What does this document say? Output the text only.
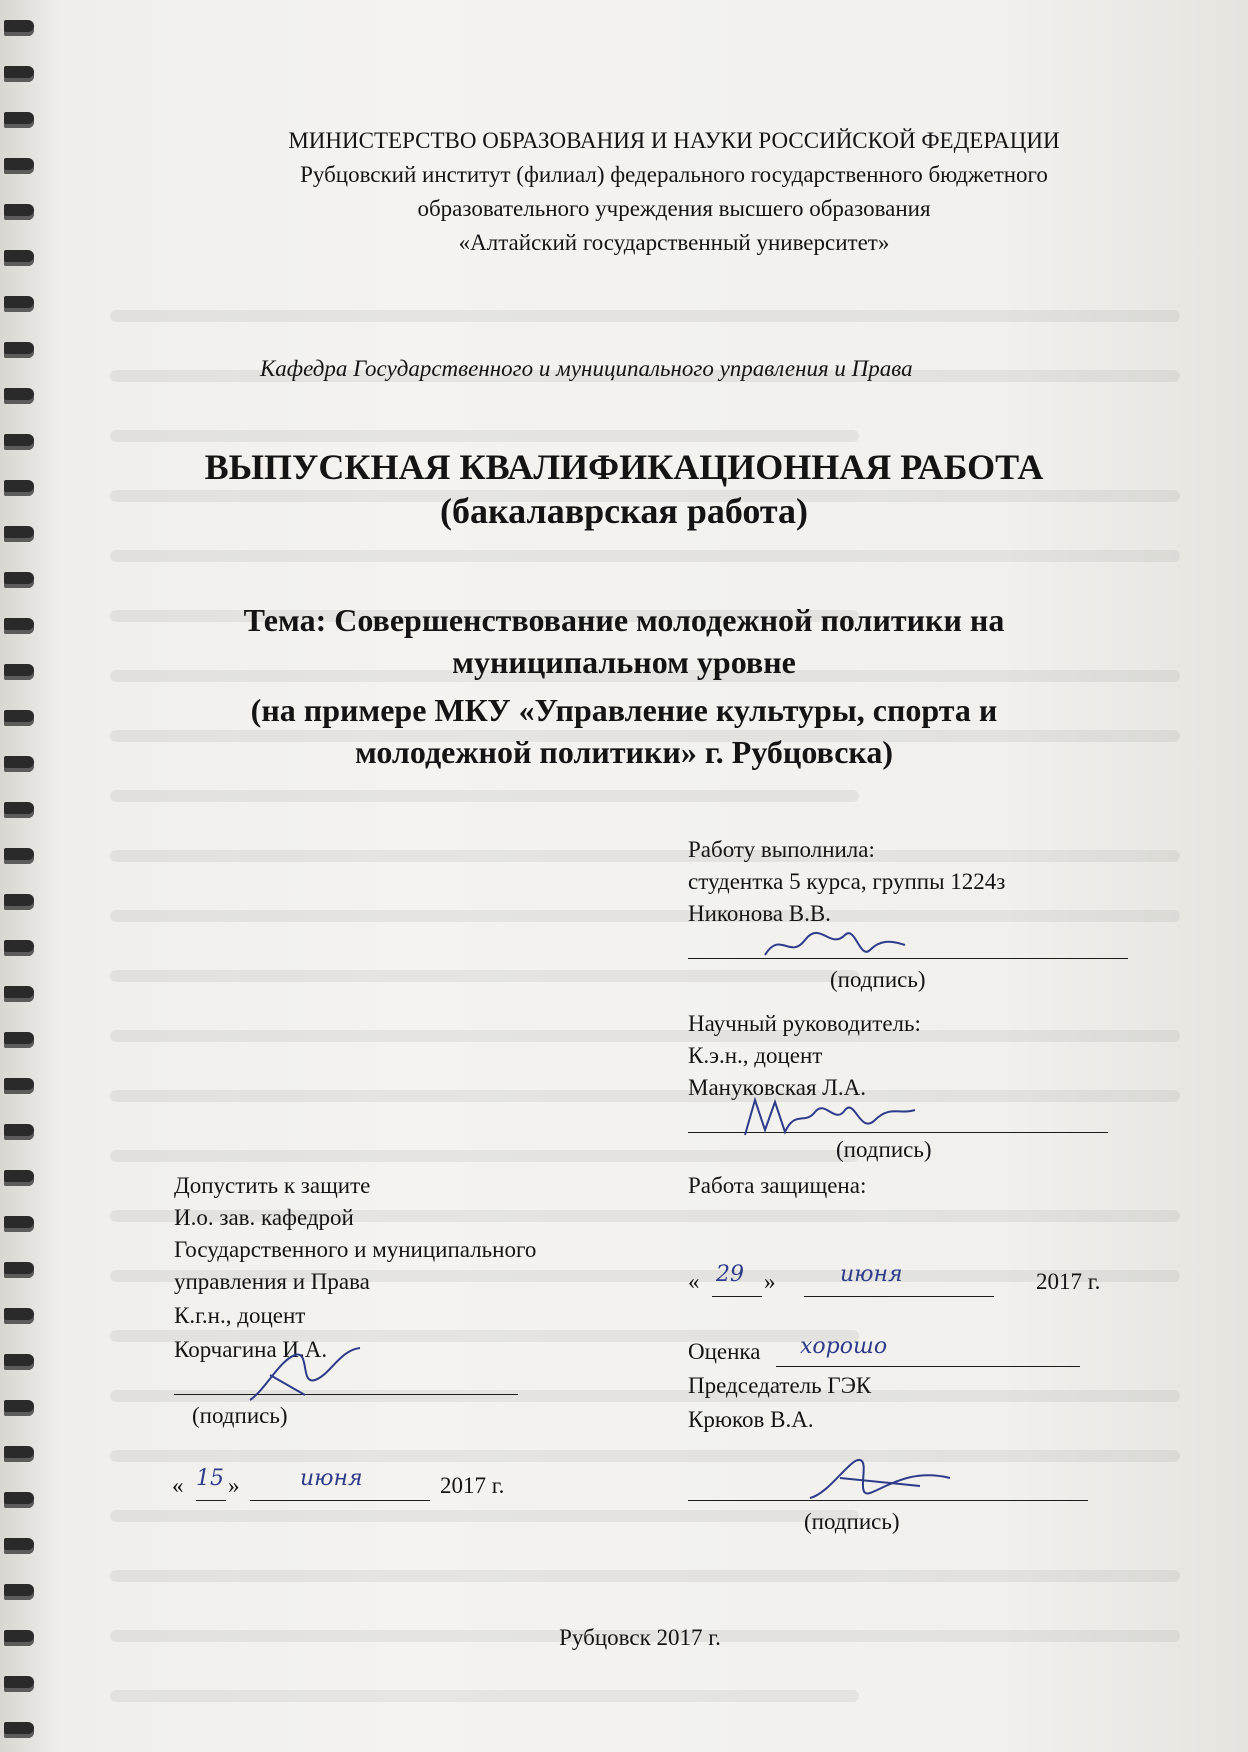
МИНИСТЕРСТВО ОБРАЗОВАНИЯ И НАУКИ РОССИЙСКОЙ ФЕДЕРАЦИИ
Рубцовский институт (филиал) федерального государственного бюджетного
образовательного учреждения высшего образования
«Алтайский государственный университет»
Кафедра Государственного и муниципального управления и Права
ВЫПУСКНАЯ КВАЛИФИКАЦИОННАЯ РАБОТА
(бакалаврская работа)
Тема: Совершенствование молодежной политики на
муниципальном уровне
(на примере МКУ «Управление культуры, спорта и
молодежной политики» г. Рубцовска)
Работу выполнила:
студентка 5 курса, группы 1224з
Никонова В.В.
(подпись)
Научный руководитель:
К.э.н., доцент
Мануковская Л.А.
(подпись)
Допустить к защите
И.о. зав. кафедрой
Государственного и муниципального
управления и Права
К.г.н., доцент
Корчагина И.А.
(подпись)
« 15 »	июня	2017 г.
Работа защищена:
« 29 »	июня	2017 г.
Оценка хорошо
Председатель ГЭК
Крюков В.А.
(подпись)
Рубцовск 2017 г.
